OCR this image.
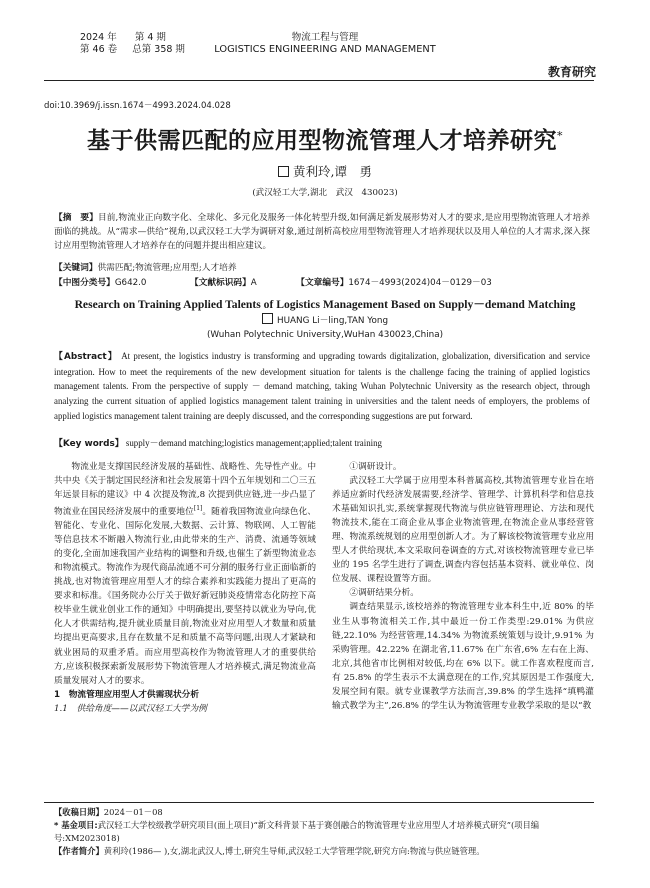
2024 年 第 4 期
第 46 卷 总第 358 期
物流工程与管理
LOGISTICS ENGINEERING AND MANAGEMENT
教育研究
doi:10.3969/j.issn.1674－4993.2024.04.028
基于供需匹配的应用型物流管理人才培养研究*
黄利玲,谭　勇
(武汉轻工大学,湖北　武汉　430023)
【摘　要】目前,物流业正向数字化、全球化、多元化及服务一体化转型升级,如何满足新发展形势对人才的要求,是应用型物流管理人才培养面临的挑战。从“需求—供给”视角,以武汉轻工大学为调研对象,通过剖析高校应用型物流管理人才培养现状以及用人单位的人才需求,深入探讨应用型物流管理人才培养存在的问题并提出相应建议。
【关键词】供需匹配;物流管理;应用型;人才培养
【中图分类号】G642.0	【文献标识码】A	【文章编号】1674－4993(2024)04－0129－03
Research on Training Applied Talents of Logistics Management Based on Supply－demand Matching
HUANG Li－ling,TAN Yong
(Wuhan Polytechnic University,WuHan 430023,China)
【Abstract】 At present, the logistics industry is transforming and upgrading towards digitalization, globalization, diversification and service integration. How to meet the requirements of the new development situation for talents is the challenge facing the training of applied logistics management talents. From the perspective of supply － demand matching, taking Wuhan Polytechnic University as the research object, through analyzing the current situation of applied logistics management talent training in universities and the talent needs of employers, the problems of applied logistics management talent training are deeply discussed, and the corresponding suggestions are put forward.
【Key words】 supply－demand matching;logistics management;applied;talent training

物流业是支撑国民经济发展的基础性、战略性、先导性产业。中共中央《关于制定国民经济和社会发展第十四个五年规划和二〇三五年远景目标的建议》中 4 次提及物流,8 次提到供应链,进一步凸显了物流业在国民经济发展中的重要地位[1]。随着我国物流业向绿色化、智能化、专业化、国际化发展,大数据、云计算、物联网、人工智能等信息技术不断融入物流行业,由此带来的生产、消费、流通等领域的变化,全面加速我国产业结构的调整和升级,也催生了新型物流业态和物流模式。物流作为现代商品流通不可分割的服务行业正面临新的挑战,也对物流管理应用型人才的综合素养和实践能力提出了更高的要求和标准。《国务院办公厅关于做好新冠肺炎疫情常态化防控下高校毕业生就业创业工作的通知》中明确提出,要坚持以就业为导向,优化人才供需结构,提升就业质量目前,物流业对应用型人才数量和质量均提出更高要求,且存在数量不足和质量不高等问题,出现人才紧缺和就业困局的双重矛盾。而应用型高校作为物流管理人才的重要供给方,应该积极探索新发展形势下物流管理人才培养模式,满足物流业高质量发展对人才的要求。

1　物流管理应用型人才供需现状分析
1.1　供给角度——以武汉轻工大学为例

①调研设计。

武汉轻工大学属于应用型本科普属高校,其物流管理专业旨在培养适应新时代经济发展需要,经济学、管理学、计算机科学和信息技术基础知识扎实,系统掌握现代物流与供应链管理理论、方法和现代物流技术,能在工商企业从事企业物流管理,在物流企业从事经营管理、物流系统规划的应用型创新人才。为了解该校物流管理专业应用型人才供给现状,本文采取问卷调查的方式,对该校物流管理专业已毕业的 195 名学生进行了调查,调查内容包括基本资料、就业单位、岗位发展、课程设置等方面。

②调研结果分析。

调查结果显示,该校培养的物流管理专业本科生中,近 80% 的毕业生从事物流相关工作,其中最近一份工作类型:29.01% 为供应链,22.10% 为经营管理,14.34% 为物流系统策划与设计,9.91% 为采购管理。42.22% 在湖北省,11.67% 在广东省,6% 左右在上海、北京,其他省市比例相对较低,均在 6% 以下。就工作喜欢程度而言,有 25.8% 的学生表示不太满意现在的工作,究其原因是工作强度大,发展空间有限。就专业课教学方法而言,39.8% 的学生选择“填鸭灌输式教学为主”,26.8% 的学生认为物流管理专业教学采取的是以“教

【收稿日期】2024－01－08
* 基金项目:武汉轻工大学校级教学研究项目(面上项目)“新文科背景下基于赛创融合的物流管理专业应用型人才培养模式研究”(项目编号:XM2023018)
【作者简介】黄利玲(1986— ),女,湖北武汉人,博士,研究生导师,武汉轻工大学管理学院,研究方向:物流与供应链管理。
